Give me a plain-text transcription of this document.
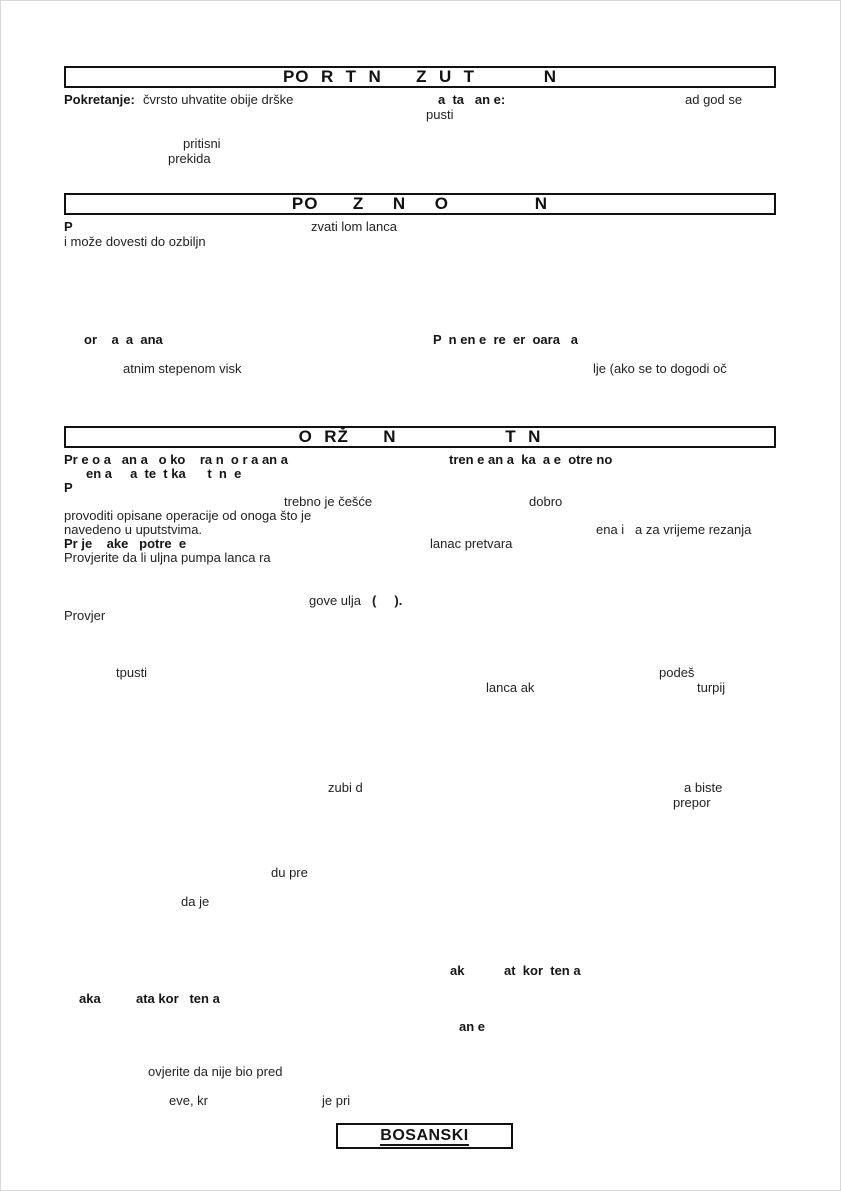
PO  R  T  N      Z  U  T            N
PO      Z     N     O               N
O  RŽ      N                   T  N
Pokretanje: čvrsto uhvatite obije drške	a  ta   an e:	ad god se
pusti
pritisni
prekida
P	zvati lom lanca
i može dovesti do ozbiljn
or    a  a  ana	P  n en e  re  er  oara   a
atnim stepenom visk	lje (ako se to dogodi oč
Pr e o a   an a   o ko    ra n  o r a an a	tren e an a  ka  a e  otre no
en a     a  te  t ka      t  n  e
P
trebno je češće	dobro
provoditi opisane operacije od onoga što je
navedeno u uputstvima.	ena i   a za vrijeme rezanja
Pr je    ake   potre  e	lanac pretvara
Provjerite da li uljna pumpa lanca ra
gove ulja (     ).
Provjer
tpusti	podeš
lanca ak	turpij
zubi d	a biste
prepor
du pre
da je
ak	at  kor  ten a
aka	ata kor   ten a
an e
ovjerite da nije bio pred
eve, kr	je pri
BOSANSKI
